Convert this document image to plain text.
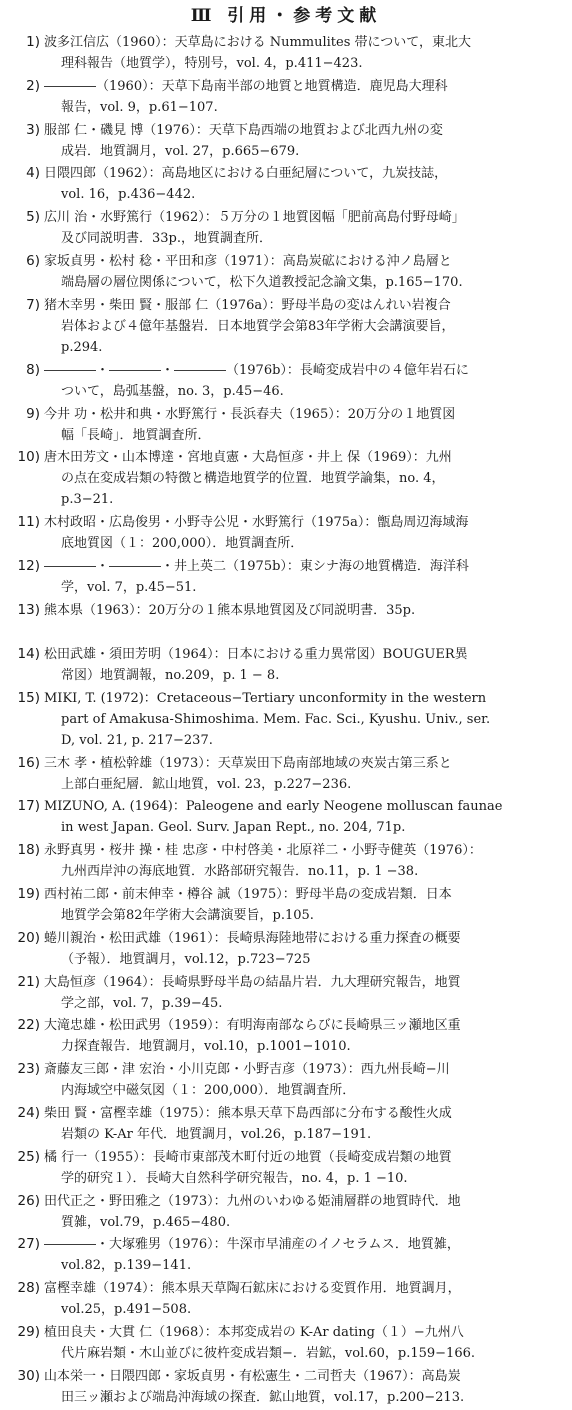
Ⅲ 引用・参考文献
1 ) 波多江信広（1960）：天草島における Nummulites 帯について，東北大
理科報告（地質学），特別号，vol. 4，p.411−423.
2 ) ――――（1960）：天草下島南半部の地質と地質構造．鹿児島大理科
報告，vol. 9，p.61−107.
3 ) 服部 仁・磯見 博（1976）：天草下島西端の地質および北西九州の変
成岩．地質調月，vol. 27，p.665−679.
4 ) 日隈四郎（1962）：高島地区における白亜紀層について，九炭技誌，
vol. 16，p.436−442.
5 ) 広川 治・水野篤行（1962）：５万分の１地質図幅「肥前高島付野母崎」
及び同説明書．33p.，地質調査所．
6 ) 家坂貞男・松村 稔・平田和彦（1971）：高島炭砿における沖ノ島層と
端島層の層位関係について，松下久道教授記念論文集，p.165−170.
7 ) 猪木幸男・柴田 賢・服部 仁（1976a）：野母半島の変はんれい岩複合
岩体および４億年基盤岩．日本地質学会第83年学術大会講演要旨，
p.294.
8 ) ――――・――――・――――（1976b）：長崎変成岩中の４億年岩石に
ついて，島弧基盤，no. 3，p.45−46.
9 ) 今井 功・松井和典・水野篤行・長浜春夫（1965）：20万分の１地質図
幅「長崎」．地質調査所．
10 ) 唐木田芳文・山本博達・宮地貞憲・大島恒彦・井上 保（1969）：九州
の点在変成岩類の特徴と構造地質学的位置．地質学論集，no. 4，
p.3−21.
11 ) 木村政昭・広島俊男・小野寺公児・水野篤行（1975a）：甑島周辺海域海
底地質図（１：200,000）．地質調査所．
12 ) ――――・――――・井上英二（1975b）：東シナ海の地質構造．海洋科
学，vol. 7，p.45−51.
13 ) 熊本県（1963）：20万分の１熊本県地質図及び同説明書．35p.
14 ) 松田武雄・須田芳明（1964）：日本における重力異常図）BOUGUER異
常図）地質調報，no.209，p. 1 − 8.
15 ) MIKI, T. (1972)：Cretaceous−Tertiary unconformity in the western
part of Amakusa-Shimoshima. Mem. Fac. Sci., Kyushu. Univ., ser.
D, vol. 21, p. 217−237.
16 ) 三木 孝・植松幹雄（1973）：天草炭田下島南部地域の夾炭古第三系と
上部白亜紀層．鉱山地質，vol. 23，p.227−236.
17 ) MIZUNO, A. (1964)：Paleogene and early Neogene molluscan faunae
in west Japan. Geol. Surv. Japan Rept., no. 204, 71p.
18 ) 永野真男・桜井 操・桂 忠彦・中村啓美・北原祥二・小野寺健英（1976）：
九州西岸沖の海底地質．水路部研究報告．no.11，p. 1 −38.
19 ) 西村祐二郎・前末伸幸・樽谷 誠（1975）：野母半島の変成岩類．日本
地質学会第82年学術大会講演要旨，p.105.
20 ) 蜷川親治・松田武雄（1961）：長崎県海陸地帯における重力探査の概要
（予報）．地質調月，vol.12，p.723−725
21 ) 大島恒彦（1964）：長崎県野母半島の結晶片岩．九大理研究報告，地質
学之部，vol. 7，p.39−45.
22 ) 大滝忠雄・松田武男（1959）：有明海南部ならびに長崎県三ッ瀬地区重
力探査報告．地質調月，vol.10，p.1001−1010.
23 ) 斎藤友三郎・津 宏治・小川克郎・小野吉彦（1973）：西九州長崎−川
内海域空中磁気図（１：200,000）．地質調査所．
24 ) 柴田 賢・富樫幸雄（1975）：熊本県天草下島西部に分布する酸性火成
岩類の K-Ar 年代．地質調月，vol.26，p.187−191.
25 ) 橘 行一（1955）：長崎市東部茂木町付近の地質（長崎変成岩類の地質
学的研究１）．長崎大自然科学研究報告，no. 4，p. 1 −10.
26 ) 田代正之・野田雅之（1973）：九州のいわゆる姫浦層群の地質時代．地
質雑，vol.79，p.465−480.
27 ) ――――・大塚雅男（1976）：牛深市早浦産のイノセラムス．地質雑，
vol.82，p.139−141.
28 ) 富樫幸雄（1974）：熊本県天草陶石鉱床における変質作用．地質調月，
vol.25，p.491−508.
29 ) 植田良夫・大貫 仁（1968）：本邦変成岩の K-Ar dating（１）−九州八
代片麻岩類・木山並びに彼杵変成岩類−．岩鉱，vol.60，p.159−166.
30 ) 山本栄一・日隈四郎・家坂貞男・有松憲生・二司哲夫（1967）：高島炭
田三ッ瀬および端島沖海域の探査．鉱山地質，vol.17，p.200−213.
